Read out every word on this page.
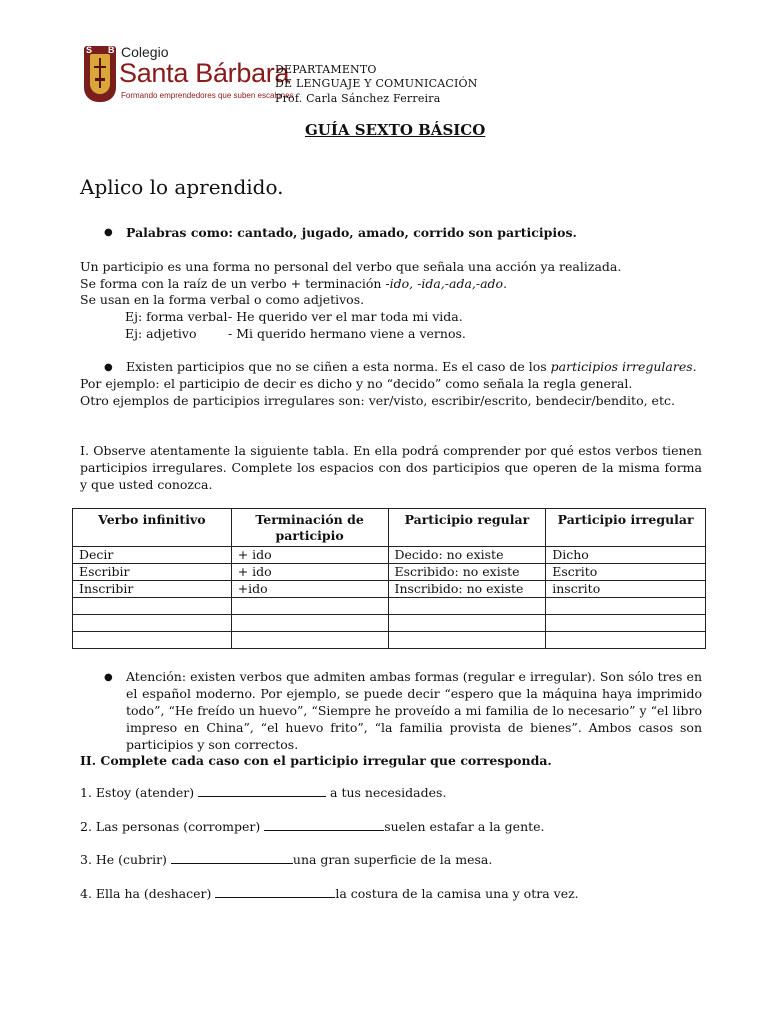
S B Colegio
Santa Bárbara
Formando emprendedores que suben escalones
DEPARTAMENTO
DE LENGUAJE Y COMUNICACIÓN
Prof. Carla Sánchez Ferreira
GUÍA SEXTO BÁSICO
Aplico lo aprendido.
● Palabras como: cantado, jugado, amado, corrido son participios.
Un participio es una forma no personal del verbo que señala una acción ya realizada.
Se forma con la raíz de un verbo + terminación -ido, -ida,-ada,-ado.
Se usan en la forma verbal o como adjetivos.
Ej: forma verbal - He querido ver el mar toda mi vida.
Ej: adjetivo	- Mi querido hermano viene a vernos.
● Existen participios que no se ciñen a esta norma. Es el caso de los participios irregulares.
Por ejemplo: el participio de decir es dicho y no “decido” como señala la regla general.
Otro ejemplos de participios irregulares son: ver/visto, escribir/escrito, bendecir/bendito, etc.
I. Observe atentamente la siguiente tabla. En ella podrá comprender por qué estos verbos tienen participios irregulares. Complete los espacios con dos participios que operen de la misma forma y que usted conozca.
Verbo infinitivo	Terminación de participio	Participio regular	Participio irregular
Decir	+ ido	Decido: no existe	Dicho
Escribir	+ ido	Escribido: no existe	Escrito
Inscribir	+ido	Inscribido: no existe	inscrito

● Atención: existen verbos que admiten ambas formas (regular e irregular). Son sólo tres en el español moderno. Por ejemplo, se puede decir “espero que la máquina haya imprimido todo”, “He freído un huevo”, “Siempre he proveído a mi familia de lo necesario” y “el libro impreso en China”, “el huevo frito”, “la familia provista de bienes”. Ambos casos son participios y son correctos.
II. Complete cada caso con el participio irregular que corresponda.
1. Estoy (atender)	a tus necesidades.
2. Las personas (corromper)	suelen estafar a la gente.
3. He (cubrir)	una gran superficie de la mesa.
4. Ella ha (deshacer)	la costura de la camisa una y otra vez.
